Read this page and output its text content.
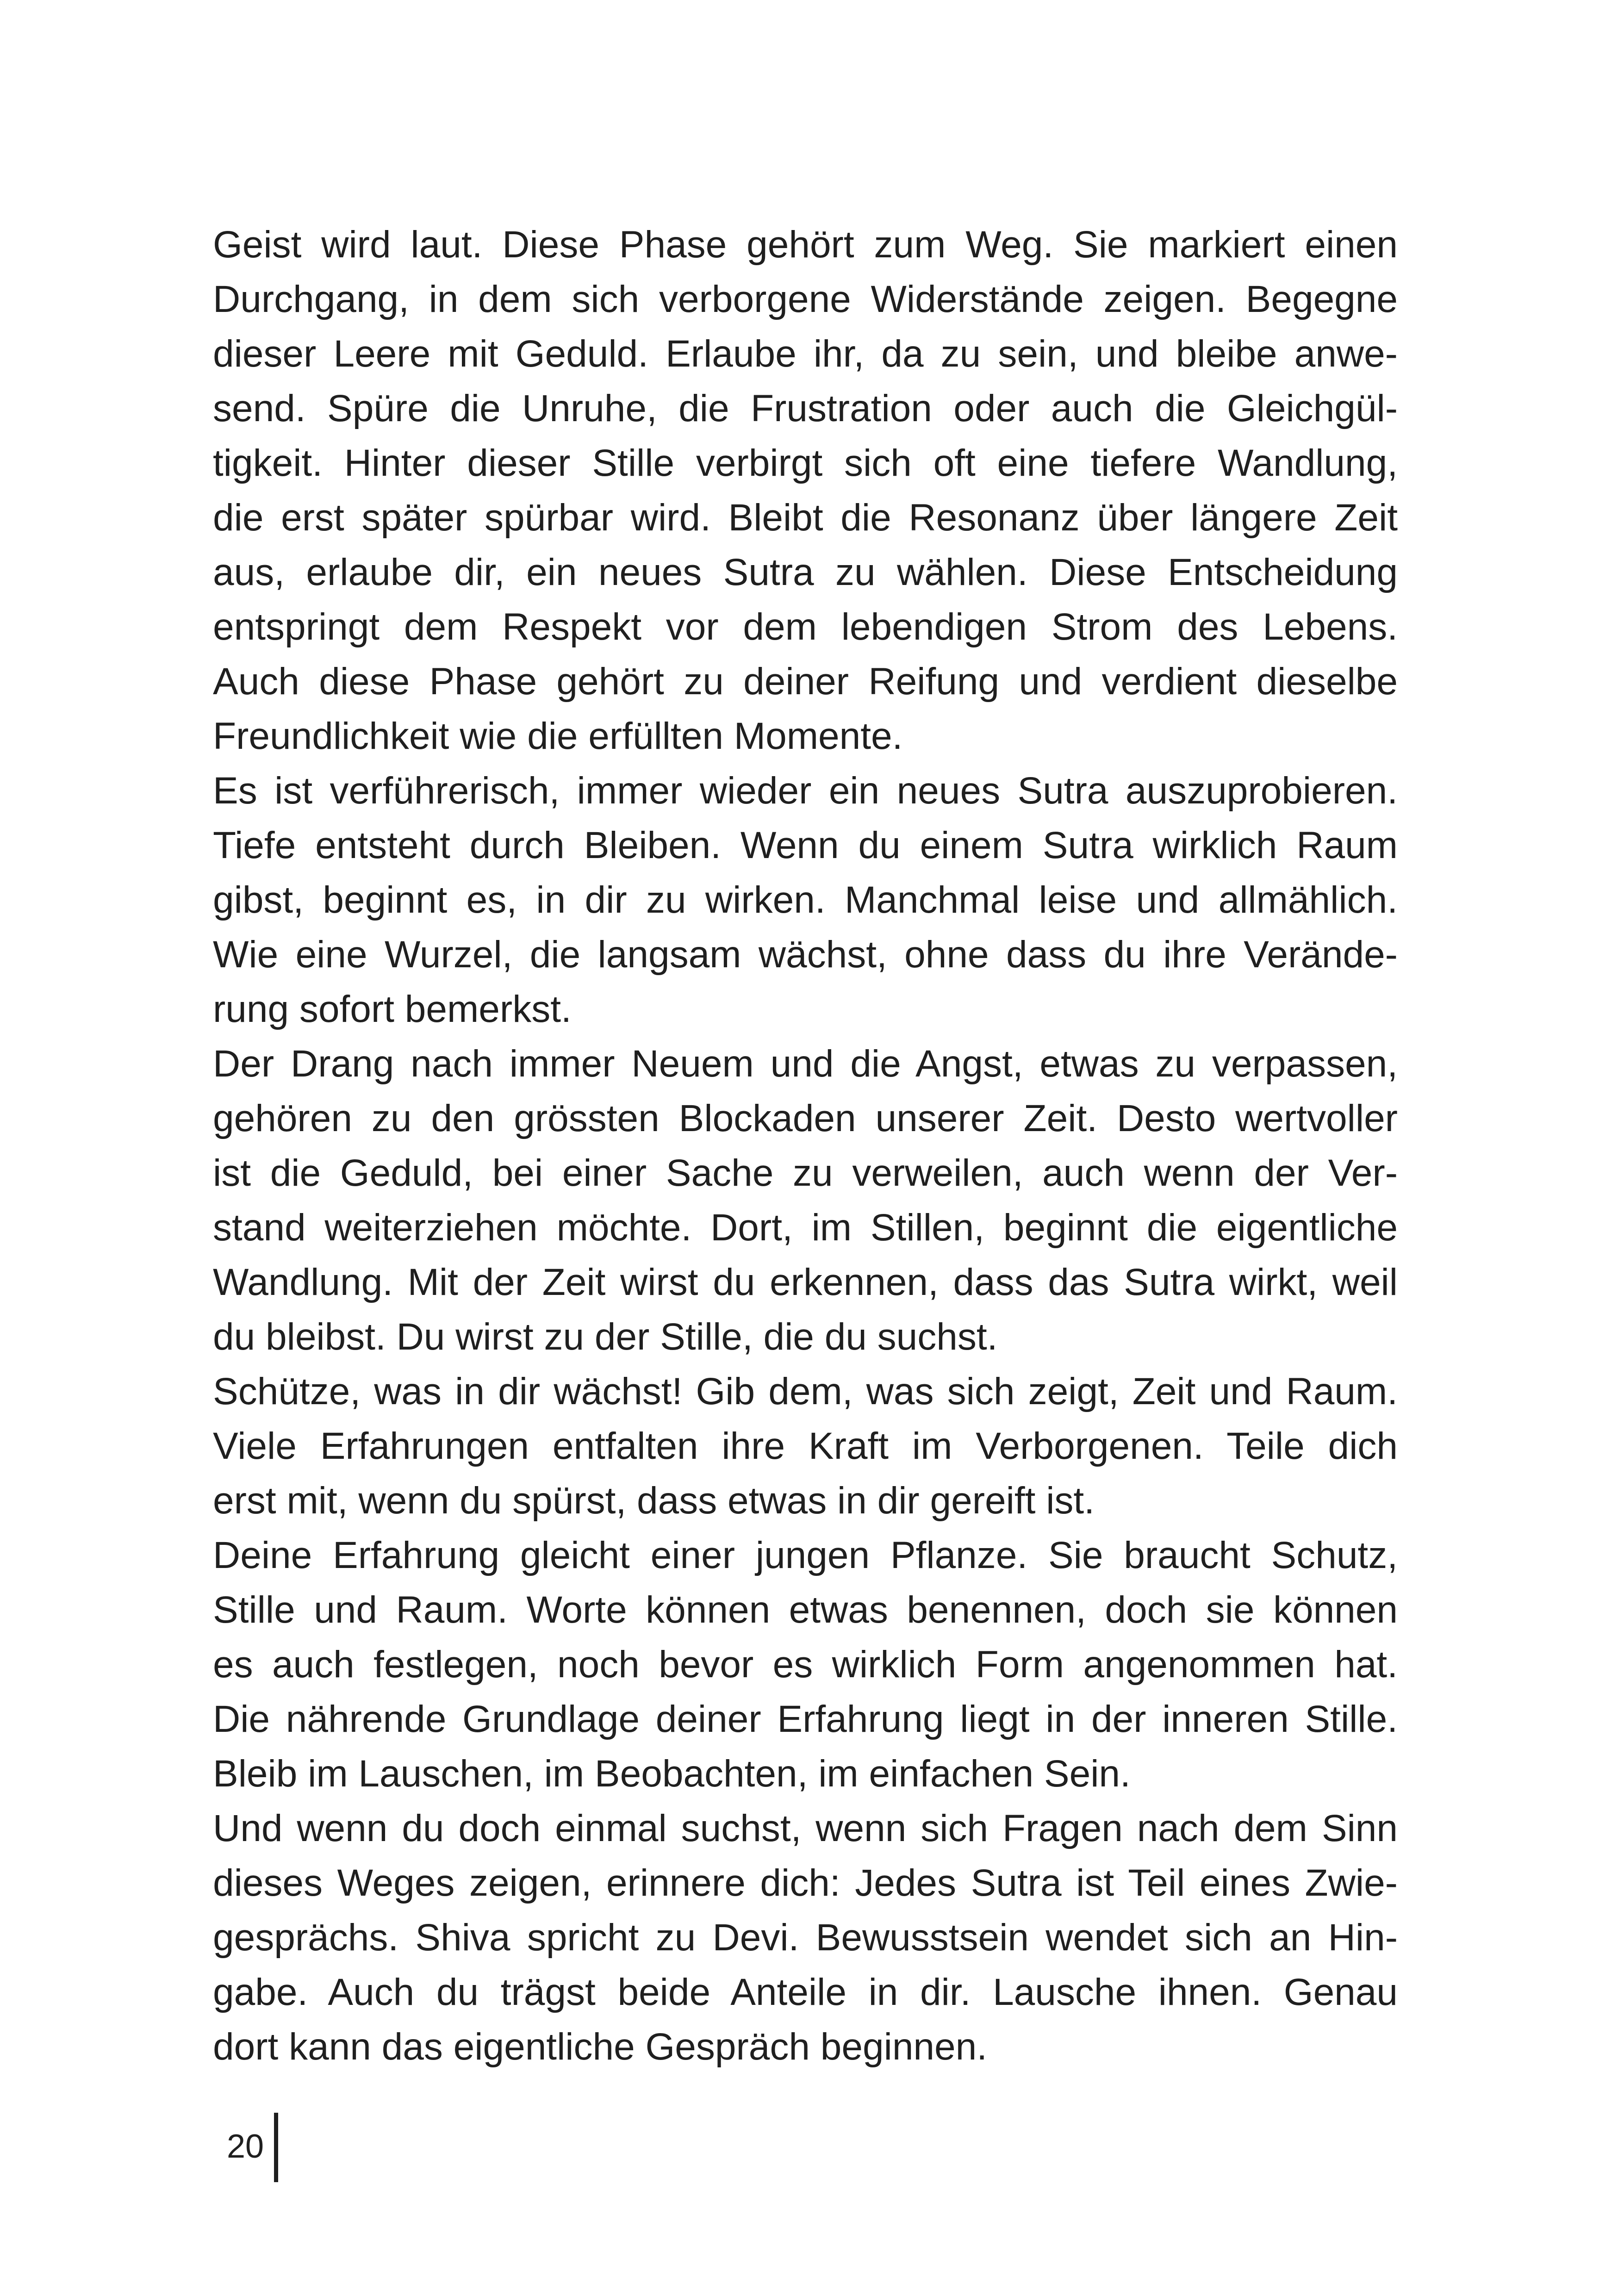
Geist wird laut. Diese Phase gehört zum Weg. Sie markiert einen
Durchgang, in dem sich verborgene Widerstände zeigen. Begegne
dieser Leere mit Geduld. Erlaube ihr, da zu sein, und bleibe anwe-
send. Spüre die Unruhe, die Frustration oder auch die Gleichgül-
tigkeit. Hinter dieser Stille verbirgt sich oft eine tiefere Wandlung,
die erst später spürbar wird. Bleibt die Resonanz über längere Zeit
aus, erlaube dir, ein neues Sutra zu wählen. Diese Entscheidung
entspringt dem Respekt vor dem lebendigen Strom des Lebens.
Auch diese Phase gehört zu deiner Reifung und verdient dieselbe
Freundlichkeit wie die erfüllten Momente.
Es ist verführerisch, immer wieder ein neues Sutra auszuprobieren.
Tiefe entsteht durch Bleiben. Wenn du einem Sutra wirklich Raum
gibst, beginnt es, in dir zu wirken. Manchmal leise und allmählich.
Wie eine Wurzel, die langsam wächst, ohne dass du ihre Verände-
rung sofort bemerkst.
Der Drang nach immer Neuem und die Angst, etwas zu verpassen,
gehören zu den grössten Blockaden unserer Zeit. Desto wertvoller
ist die Geduld, bei einer Sache zu verweilen, auch wenn der Ver-
stand weiterziehen möchte. Dort, im Stillen, beginnt die eigentliche
Wandlung. Mit der Zeit wirst du erkennen, dass das Sutra wirkt, weil
du bleibst. Du wirst zu der Stille, die du suchst.
Schütze, was in dir wächst! Gib dem, was sich zeigt, Zeit und Raum.
Viele Erfahrungen entfalten ihre Kraft im Verborgenen. Teile dich
erst mit, wenn du spürst, dass etwas in dir gereift ist.
Deine Erfahrung gleicht einer jungen Pflanze. Sie braucht Schutz,
Stille und Raum. Worte können etwas benennen, doch sie können
es auch festlegen, noch bevor es wirklich Form angenommen hat.
Die nährende Grundlage deiner Erfahrung liegt in der inneren Stille.
Bleib im Lauschen, im Beobachten, im einfachen Sein.
Und wenn du doch einmal suchst, wenn sich Fragen nach dem Sinn
dieses Weges zeigen, erinnere dich: Jedes Sutra ist Teil eines Zwie-
gesprächs. Shiva spricht zu Devi. Bewusstsein wendet sich an Hin-
gabe. Auch du trägst beide Anteile in dir. Lausche ihnen. Genau
dort kann das eigentliche Gespräch beginnen.
20
